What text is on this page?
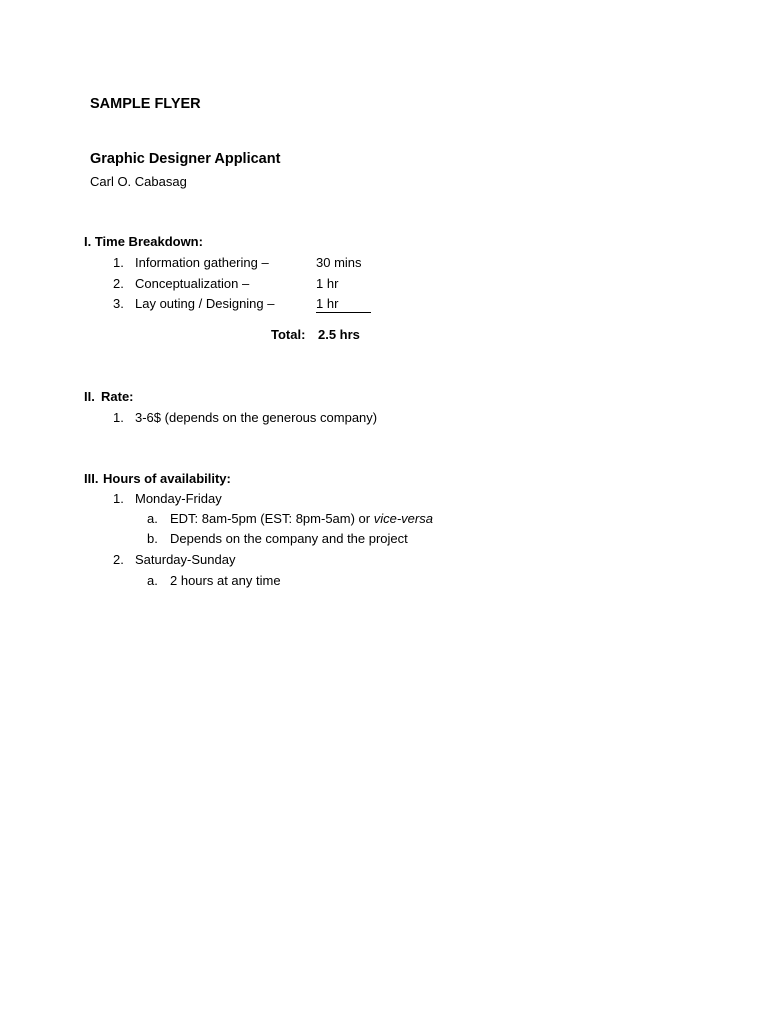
SAMPLE FLYER
Graphic Designer Applicant
Carl O. Cabasag
I. Time Breakdown:
1. Information gathering –	30 mins
2. Conceptualization –	1 hr
3. Lay outing / Designing –	1 hr
Total: 2.5 hrs
II. Rate:
1. 3-6$ (depends on the generous company)
III. Hours of availability:
1. Monday-Friday
a. EDT: 8am-5pm (EST: 8pm-5am) or vice-versa
b. Depends on the company and the project
2. Saturday-Sunday
a. 2 hours at any time
